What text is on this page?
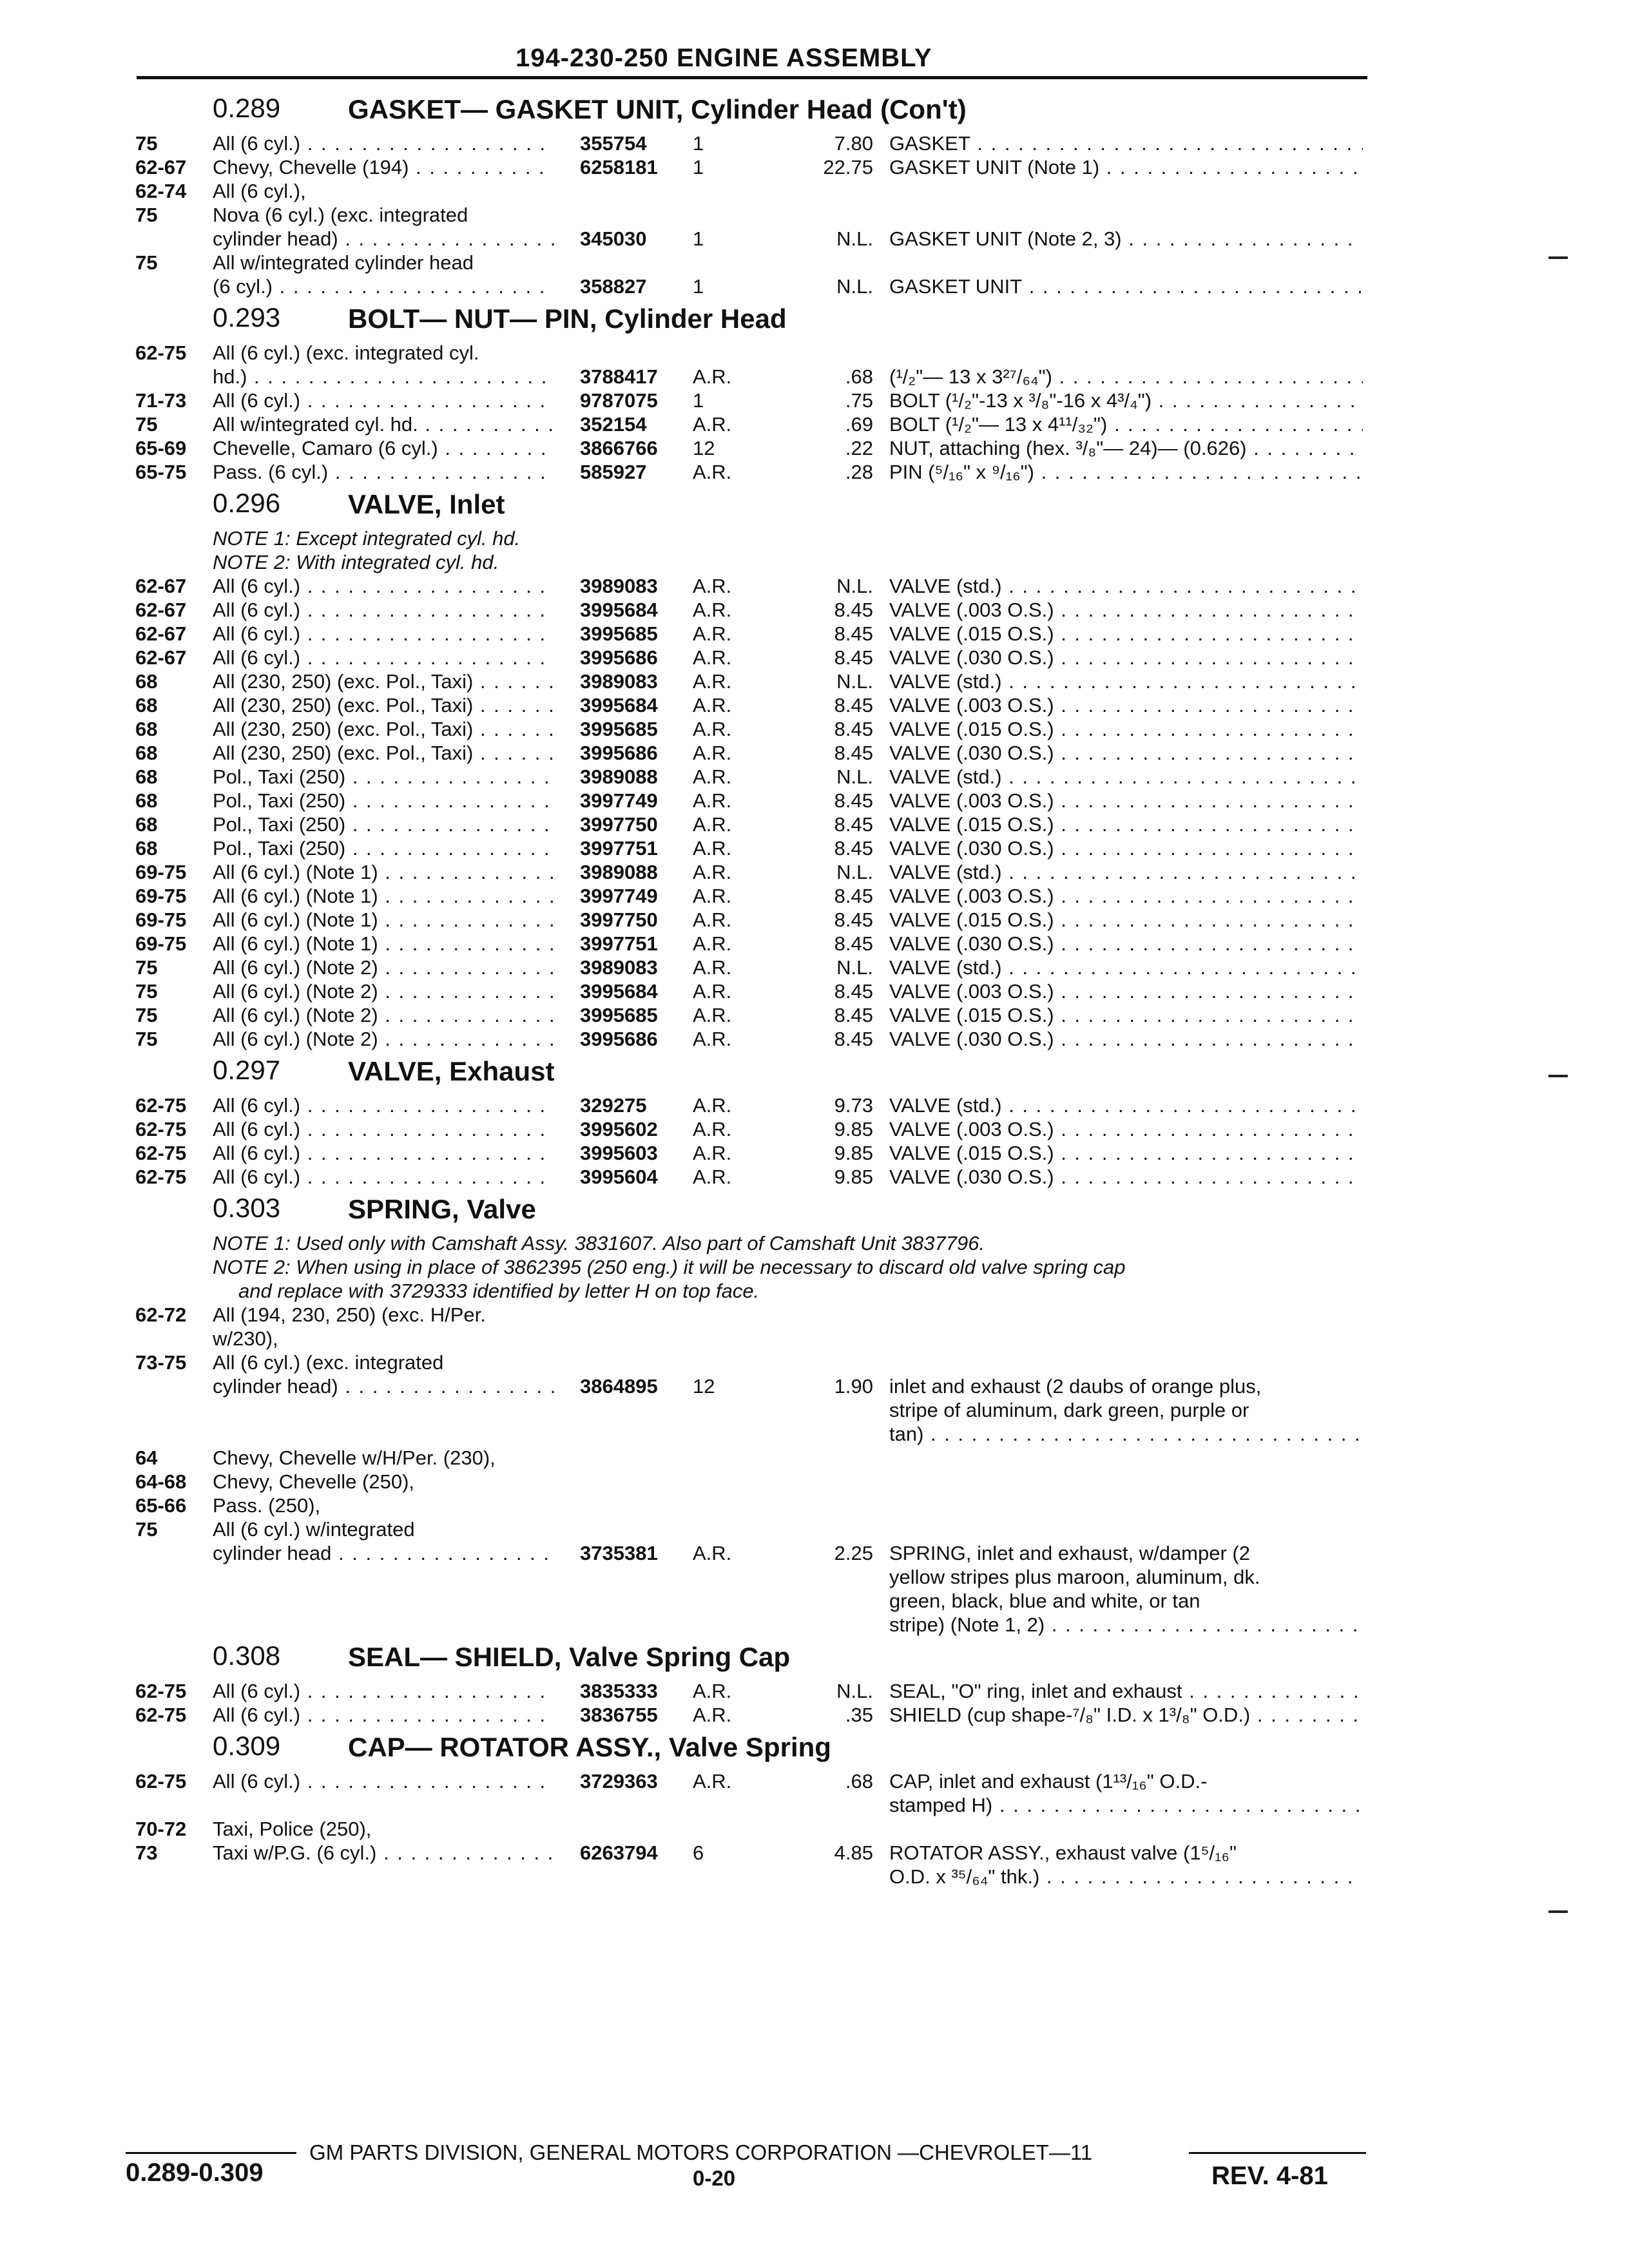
194-230-250 ENGINE ASSEMBLY
0.289 GASKET— GASKET UNIT, Cylinder Head (Con't)
75	All (6 cyl.) . . .	355754 1	7.80 GASKET . . .
62-67 Chevy, Chevelle (194) . . .	6258181 1	22.75 GASKET UNIT (Note 1) . . .
62-74 All (6 cyl.),
75	Nova (6 cyl.) (exc. integrated
cylinder head) . . .	345030 1	N.L. GASKET UNIT (Note 2, 3) . . .
75	All w/integrated cylinder head
(6 cyl.) . . .	358827 1	N.L. GASKET UNIT . . .
0.293 BOLT— NUT— PIN, Cylinder Head
62-75 All (6 cyl.) (exc. integrated cyl.
hd.) . . .	3788417 A.R.	.68 (¹/₂"— 13 x 3²⁷/₆₄") . . .
71-73 All (6 cyl.) . . .	9787075 1	.75 BOLT (¹/₂"-13 x ³/₈"-16 x 4³/₄") . . .
75	All w/integrated cyl. hd. . . .	352154 A.R.	.69 BOLT (¹/₂"— 13 x 4¹¹/₃₂") . . .
65-69 Chevelle, Camaro (6 cyl.) . . .	3866766 12	.22 NUT, attaching (hex. ³/₈"— 24)— (0.626) . . .
65-75 Pass. (6 cyl.) . . .	585927 A.R.	.28 PIN (⁵/₁₆" x ⁹/₁₆") . . .
0.296 VALVE, Inlet
NOTE 1: Except integrated cyl. hd.
NOTE 2: With integrated cyl. hd.
62-67 All (6 cyl.) . . .	3989083 A.R.	N.L. VALVE (std.) . . .
62-67 All (6 cyl.) . . .	3995684 A.R.	8.45 VALVE (.003 O.S.) . . .
62-67 All (6 cyl.) . . .	3995685 A.R.	8.45 VALVE (.015 O.S.) . . .
62-67 All (6 cyl.) . . .	3995686 A.R.	8.45 VALVE (.030 O.S.) . . .
68	All (230, 250) (exc. Pol., Taxi) . . .	3989083 A.R.	N.L. VALVE (std.) . . .
68	All (230, 250) (exc. Pol., Taxi) . . .	3995684 A.R.	8.45 VALVE (.003 O.S.) . . .
68	All (230, 250) (exc. Pol., Taxi) . . .	3995685 A.R.	8.45 VALVE (.015 O.S.) . . .
68	All (230, 250) (exc. Pol., Taxi) . . .	3995686 A.R.	8.45 VALVE (.030 O.S.) . . .
68	Pol., Taxi (250) . . .	3989088 A.R.	N.L. VALVE (std.) . . .
68	Pol., Taxi (250) . . .	3997749 A.R.	8.45 VALVE (.003 O.S.) . . .
68	Pol., Taxi (250) . . .	3997750 A.R.	8.45 VALVE (.015 O.S.) . . .
68	Pol., Taxi (250) . . .	3997751 A.R.	8.45 VALVE (.030 O.S.) . . .
69-75 All (6 cyl.) (Note 1) . . .	3989088 A.R.	N.L. VALVE (std.) . . .
69-75 All (6 cyl.) (Note 1) . . .	3997749 A.R.	8.45 VALVE (.003 O.S.) . . .
69-75 All (6 cyl.) (Note 1) . . .	3997750 A.R.	8.45 VALVE (.015 O.S.) . . .
69-75 All (6 cyl.) (Note 1) . . .	3997751 A.R.	8.45 VALVE (.030 O.S.) . . .
75	All (6 cyl.) (Note 2) . . .	3989083 A.R.	N.L. VALVE (std.) . . .
75	All (6 cyl.) (Note 2) . . .	3995684 A.R.	8.45 VALVE (.003 O.S.) . . .
75	All (6 cyl.) (Note 2) . . .	3995685 A.R.	8.45 VALVE (.015 O.S.) . . .
75	All (6 cyl.) (Note 2) . . .	3995686 A.R.	8.45 VALVE (.030 O.S.) . . .
0.297 VALVE, Exhaust
62-75 All (6 cyl.) . . .	329275 A.R.	9.73 VALVE (std.) . . .
62-75 All (6 cyl.) . . .	3995602 A.R.	9.85 VALVE (.003 O.S.) . . .
62-75 All (6 cyl.) . . .	3995603 A.R.	9.85 VALVE (.015 O.S.) . . .
62-75 All (6 cyl.) . . .	3995604 A.R.	9.85 VALVE (.030 O.S.) . . .
0.303 SPRING, Valve
NOTE 1: Used only with Camshaft Assy. 3831607. Also part of Camshaft Unit 3837796.
NOTE 2: When using in place of 3862395 (250 eng.) it will be necessary to discard old valve spring cap
and replace with 3729333 identified by letter H on top face.
62-72 All (194, 230, 250) (exc. H/Per.
w/230),
73-75 All (6 cyl.) (exc. integrated
cylinder head) . . .	3864895 12	1.90 inlet and exhaust (2 daubs of orange plus,
stripe of aluminum, dark green, purple or
tan) . . .
64	Chevy, Chevelle w/H/Per. (230),
64-68 Chevy, Chevelle (250),
65-66 Pass. (250),
75	All (6 cyl.) w/integrated
cylinder head . . .	3735381 A.R.	2.25 SPRING, inlet and exhaust, w/damper (2
yellow stripes plus maroon, aluminum, dk.
green, black, blue and white, or tan
stripe) (Note 1, 2) . . .
0.308 SEAL— SHIELD, Valve Spring Cap
62-75 All (6 cyl.) . . .	3835333 A.R.	N.L. SEAL, "O" ring, inlet and exhaust . . .
62-75 All (6 cyl.) . . .	3836755 A.R.	.35 SHIELD (cup shape-⁷/₈" I.D. x 1³/₈" O.D.) . . .
0.309 CAP— ROTATOR ASSY., Valve Spring
62-75 All (6 cyl.) . . .	3729363 A.R.	.68 CAP, inlet and exhaust (1¹³/₁₆" O.D.-
stamped H) . . .
70-72 Taxi, Police (250),
73	Taxi w/P.G. (6 cyl.) . . .	6263794 6	4.85 ROTATOR ASSY., exhaust valve (1⁵/₁₆"
O.D. x ³⁵/₆₄" thk.) . . .
GM PARTS DIVISION, GENERAL MOTORS CORPORATION —CHEVROLET—11
0.289-0.309	0-20	REV. 4-81
